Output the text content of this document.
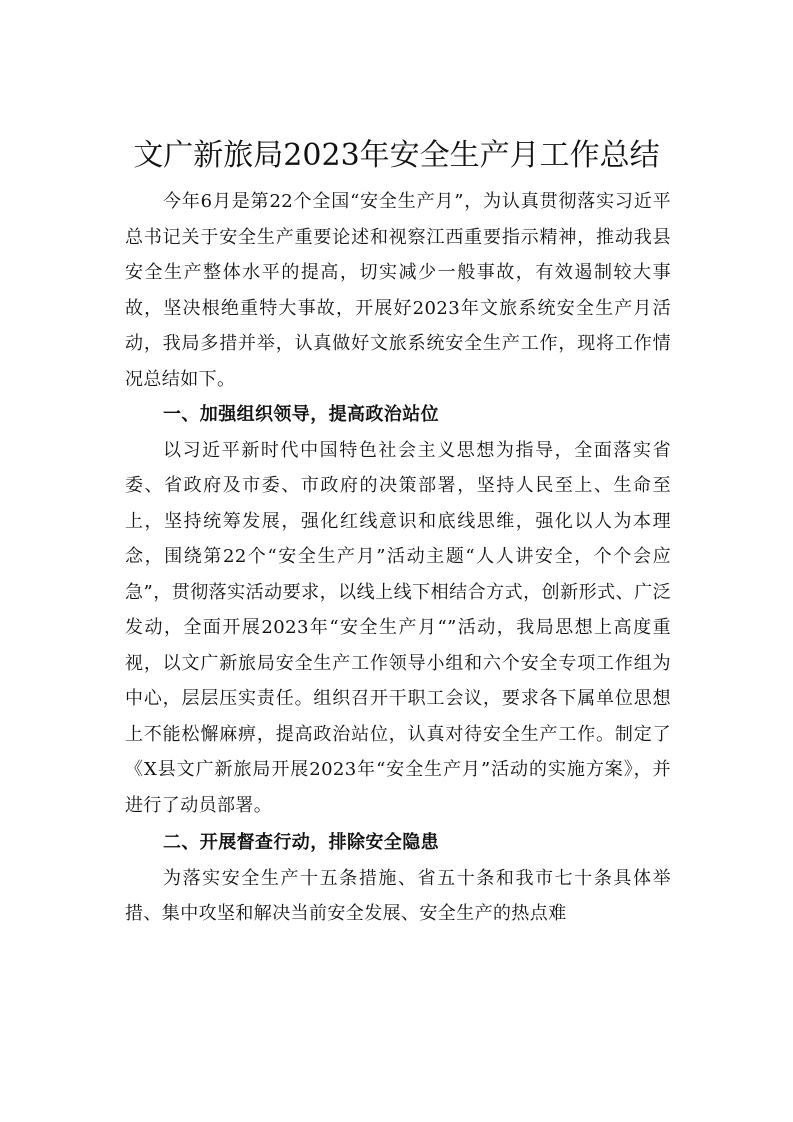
文广新旅局2023年安全生产月工作总结

今年6月是第22个全国“安全生产月”，为认真贯彻落实习近平总书记关于安全生产重要论述和视察江西重要指示精神，推动我县安全生产整体水平的提高，切实减少一般事故，有效遏制较大事故，坚决根绝重特大事故，开展好2023年文旅系统安全生产月活动，我局多措并举，认真做好文旅系统安全生产工作，现将工作情况总结如下。

一、加强组织领导，提高政治站位

以习近平新时代中国特色社会主义思想为指导，全面落实省委、省政府及市委、市政府的决策部署，坚持人民至上、生命至上，坚持统筹发展，强化红线意识和底线思维，强化以人为本理念，围绕第22个“安全生产月”活动主题“人人讲安全，个个会应急”，贯彻落实活动要求，以线上线下相结合方式，创新形式、广泛发动，全面开展2023年“安全生产月“”活动，我局思想上高度重视，以文广新旅局安全生产工作领导小组和六个安全专项工作组为中心，层层压实责任。组织召开干职工会议，要求各下属单位思想上不能松懈麻痹，提高政治站位，认真对待安全生产工作。制定了《X县文广新旅局开展2023年“安全生产月”活动的实施方案》，并进行了动员部署。

二、开展督查行动，排除安全隐患

为落实安全生产十五条措施、省五十条和我市七十条具体举措、集中攻坚和解决当前安全发展、安全生产的热点难
